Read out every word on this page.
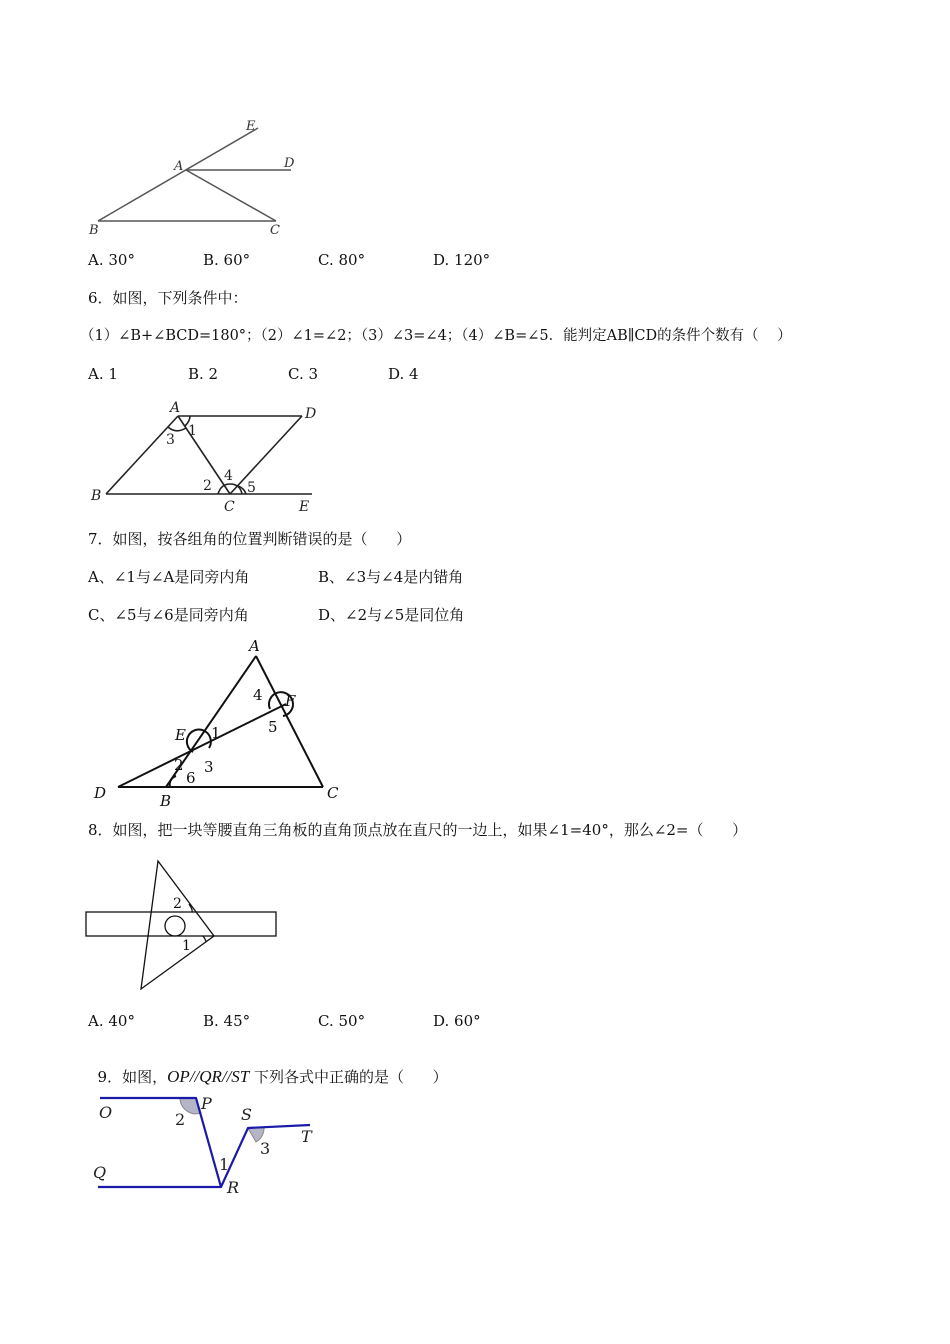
E
A	D
B	C
A. 30°	B. 60°	C. 80°	D. 120°
6．如图，下列条件中：
（1）∠B+∠BCD=180°；（2）∠1=∠2；（3）∠3=∠4；（4）∠B=∠5．能判定AB∥CD的条件个数有（    ）
A. 1	B. 2	C. 3	D. 4
A	D
B
C	E
1
3
4
2	5
7．如图，按各组角的位置判断错误的是（      ）
A、∠1与∠A是同旁内角	B、∠3与∠4是内错角
C、∠5与∠6是同旁内角	D、∠2与∠5是同位角
A
F
E
D	B	C
4
5
1
3
2
6
8．如图，把一块等腰直角三角板的直角顶点放在直尺的一边上，如果∠1=40°，那么∠2=（      ）
2
1
A. 40°	B. 45°	C. 50°	D. 60°

9．如图，OP//QR//ST 下列各式中正确的是（      ）

O	P
2	S
T
3
Q	1
R
